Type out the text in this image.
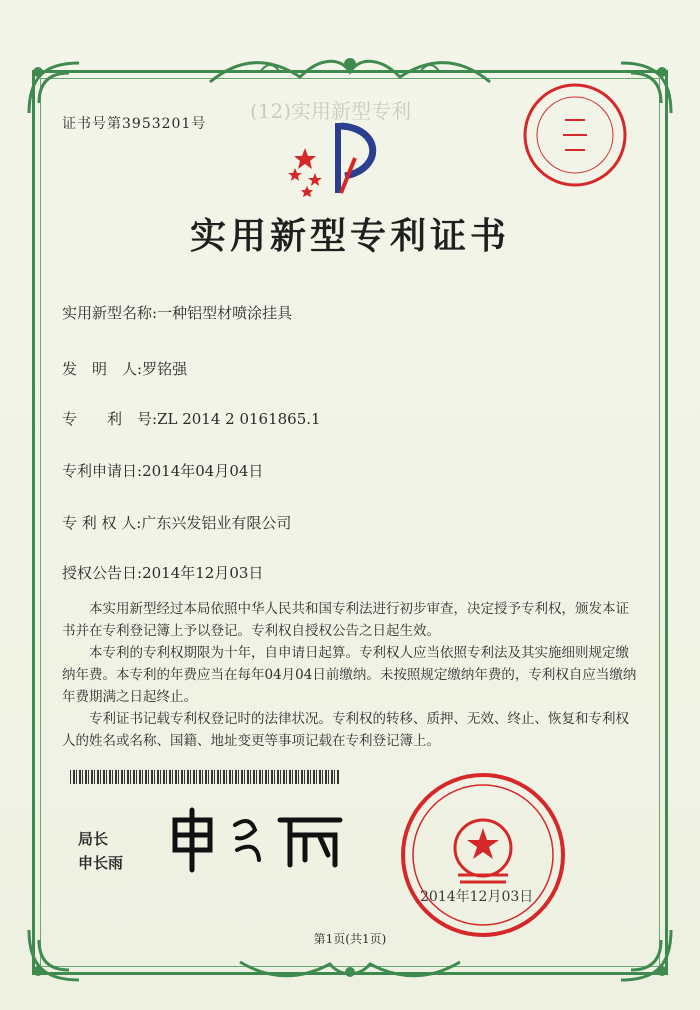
(12)实用新型专利
证书号第3953201号
实用新型专利证书
实用新型名称:一种铝型材喷涂挂具
发　明　人:罗铭强
专　　利　号:ZL 2014 2 0161865.1
专利申请日:2014年04月04日
专 利 权 人:广东兴发铝业有限公司
授权公告日:2014年12月03日
本实用新型经过本局依照中华人民共和国专利法进行初步审查，决定授予专利权，颁发本证书并在专利登记簿上予以登记。专利权自授权公告之日起生效。
本专利的专利权期限为十年，自申请日起算。专利权人应当依照专利法及其实施细则规定缴纳年费。本专利的年费应当在每年04月04日前缴纳。未按照规定缴纳年费的，专利权自应当缴纳年费期满之日起终止。
专利证书记载专利权登记时的法律状况。专利权的转移、质押、无效、终止、恢复和专利权人的姓名或名称、国籍、地址变更等事项记载在专利登记簿上。
局长
申长雨
2014年12月03日
第1页(共1页)
